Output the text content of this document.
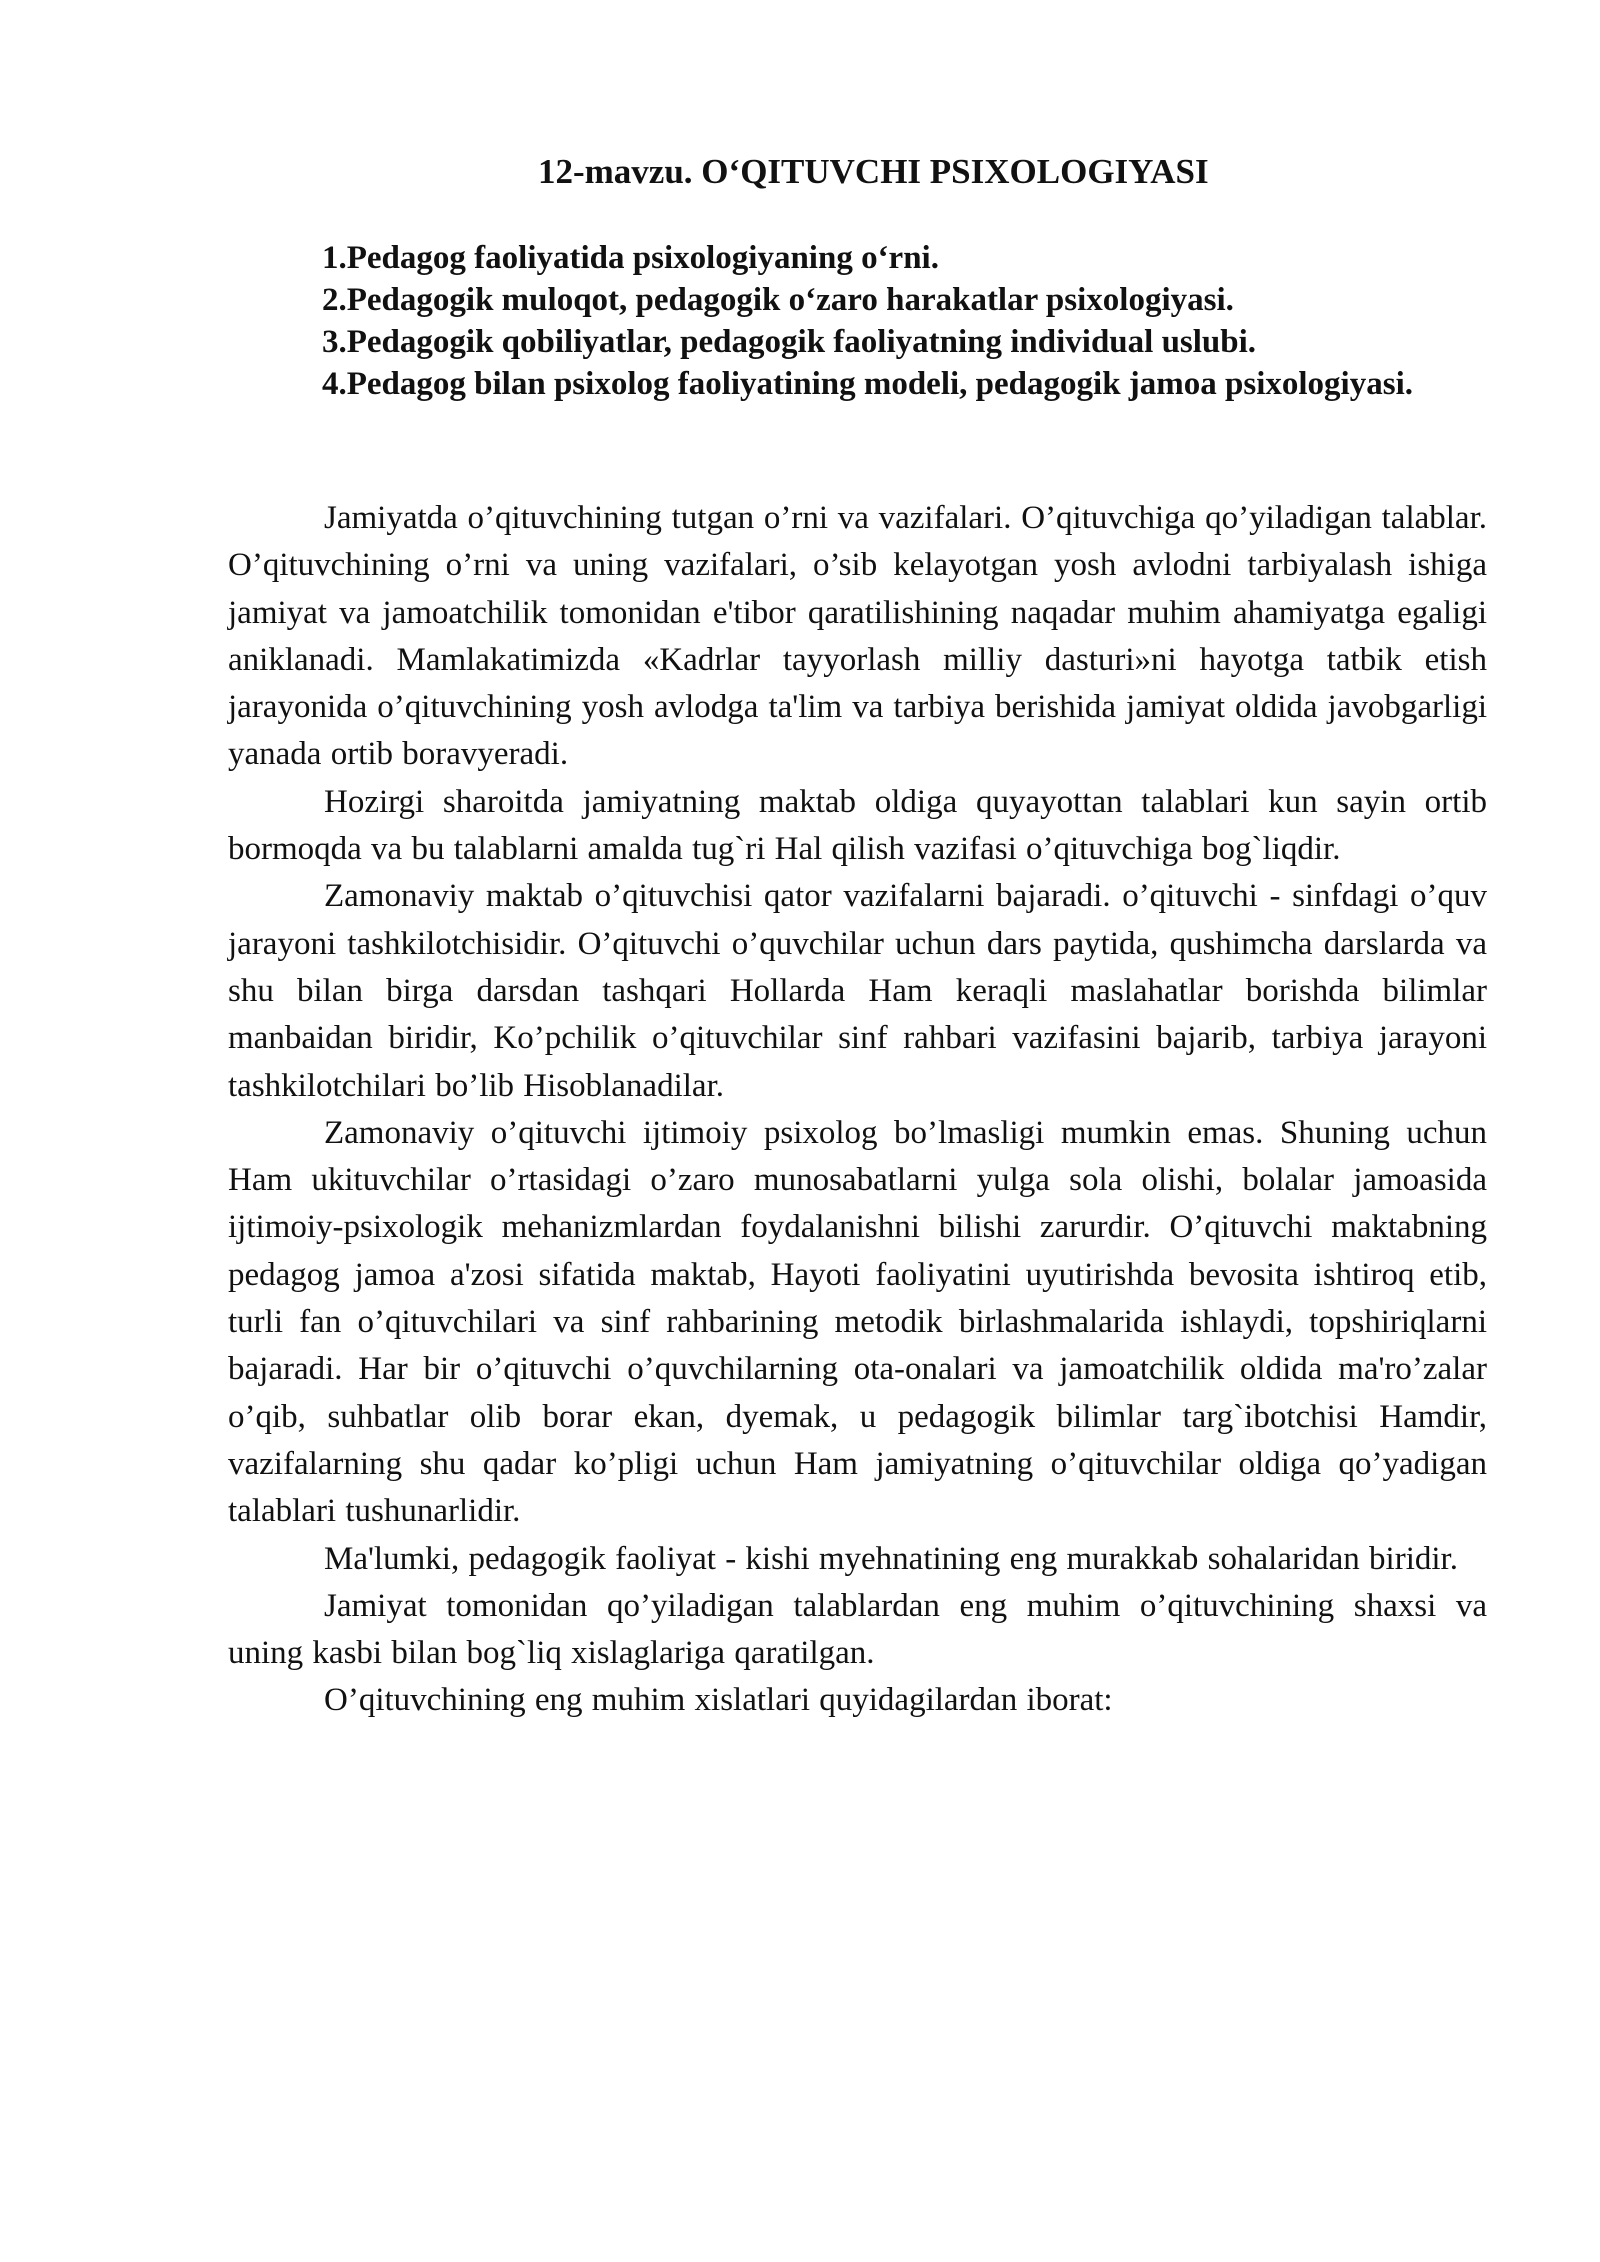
12-mavzu. O‘QITUVCHI PSIXOLOGIYASI
1.Pedagog faoliyatida psixologiyaning o‘rni.
2.Pedagogik muloqot, pedagogik o‘zaro harakatlar psixologiyasi.
3.Pedagogik qobiliyatlar, pedagogik faoliyatning individual uslubi.
4.Pedagog bilan psixolog faoliyatining modeli, pedagogik jamoa psixologiyasi.

Jamiyatda o’qituvchining tutgan o’rni va vazifalari. O’qituvchiga qo’yiladigan talablar. O’qituvchining o’rni va uning vazifalari, o’sib kelayotgan yosh avlodni tarbiyalash ishiga jamiyat va jamoatchilik tomonidan e'tibor qaratilishining naqadar muhim ahamiyatga egaligi aniklanadi. Mamlakatimizda «Kadrlar tayyorlash milliy dasturi»ni hayotga tatbik etish jarayonida o’qituvchining yosh avlodga ta'lim va tarbiya berishida jamiyat oldida javobgarligi yanada ortib boravyeradi.

Hozirgi sharoitda jamiyatning maktab oldiga quyayottan talablari kun sayin ortib bormoqda va bu talablarni amalda tug`ri Hal qilish vazifasi o’qituvchiga bog`liqdir.

Zamonaviy maktab o’qituvchisi qator vazifalarni bajaradi. o’qituvchi - sinfdagi o’quv jarayoni tashkilotchisidir. O’qituvchi o’quvchilar uchun dars paytida, qushimcha darslarda va shu bilan birga darsdan tashqari Hollarda Ham keraqli maslahatlar borishda bilimlar manbaidan biridir, Ko’pchilik o’qituvchilar sinf rahbari vazifasini bajarib, tarbiya jarayoni tashkilotchilari bo’lib Hisoblanadilar.

Zamonaviy o’qituvchi ijtimoiy psixolog bo’lmasligi mumkin emas. Shuning uchun Ham ukituvchilar o’rtasidagi o’zaro munosabatlarni yulga sola olishi, bolalar jamoasida ijtimoiy-psixologik mehanizmlardan foydalanishni bilishi zarurdir. O’qituvchi maktabning pedagog jamoa a'zosi sifatida maktab, Hayoti faoliyatini uyutirishda bevosita ishtiroq etib, turli fan o’qituvchilari va sinf rahbarining metodik birlashmalarida ishlaydi, topshiriqlarni bajaradi. Har bir o’qituvchi o’quvchilarning ota-onalari va jamoatchilik oldida ma'ro’zalar o’qib, suhbatlar olib borar ekan, dyemak, u pedagogik bilimlar targ`ibotchisi Hamdir, vazifalarning shu qadar ko’pligi uchun Ham jamiyatning o’qituvchilar oldiga qo’yadigan talablari tushunarlidir.

Ma'lumki, pedagogik faoliyat - kishi myehnatining eng murakkab sohalaridan biridir.

Jamiyat tomonidan qo’yiladigan talablardan eng muhim o’qituvchining shaxsi va uning kasbi bilan bog`liq xislaglariga qaratilgan.

O’qituvchining eng muhim xislatlari quyidagilardan iborat:
